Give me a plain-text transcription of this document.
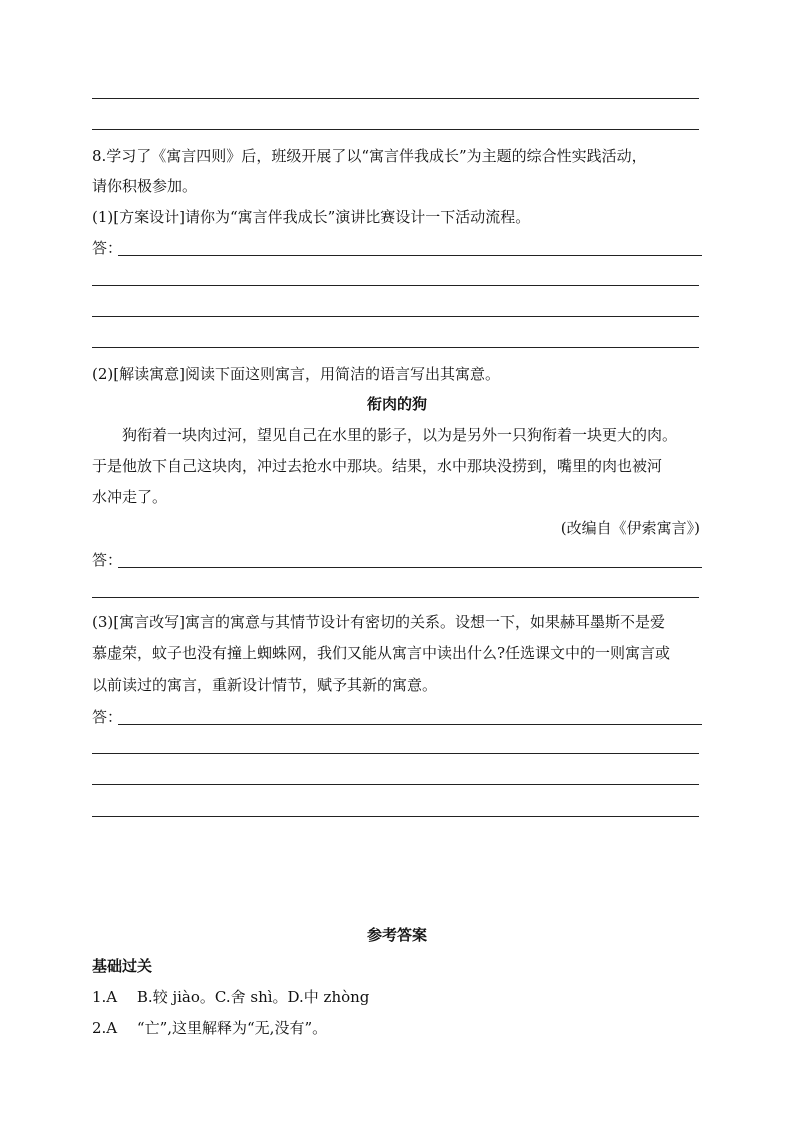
8.学习了《寓言四则》后，班级开展了以“寓言伴我成长”为主题的综合性实践活动，
请你积极参加。
(1)[方案设计]请你为“寓言伴我成长”演讲比赛设计一下活动流程。
答：
(2)[解读寓意]阅读下面这则寓言，用简洁的语言写出其寓意。
衔肉的狗
狗衔着一块肉过河，望见自己在水里的影子，以为是另外一只狗衔着一块更大的肉。
于是他放下自己这块肉，冲过去抢水中那块。结果，水中那块没捞到，嘴里的肉也被河
水冲走了。
(改编自《伊索寓言》)
答：
(3)[寓言改写]寓言的寓意与其情节设计有密切的关系。设想一下，如果赫耳墨斯不是爱
慕虚荣，蚊子也没有撞上蜘蛛网，我们又能从寓言中读出什么?任选课文中的一则寓言或
以前读过的寓言，重新设计情节，赋予其新的寓意。
答：
参考答案
基础过关
1.A　 B.较 jiào。C.舍 shì。D.中 zhòng
2.A　 “亡”,这里解释为“无,没有”。
